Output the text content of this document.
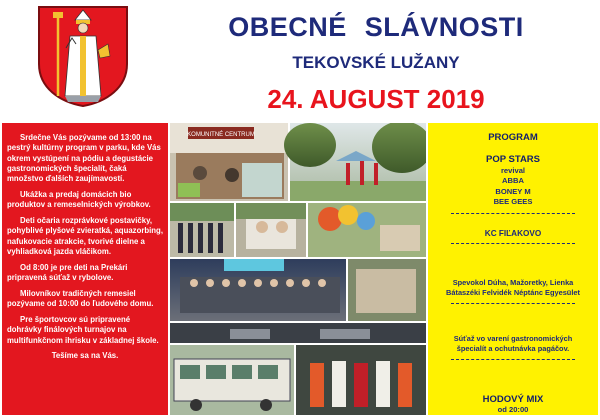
OBECNÉ SLÁVNOSTI
TEKOVSKÉ LUŽANY
24. AUGUST 2019

Srdečne Vás pozývame od 13:00 na pestrý kultúrny program v parku, kde Vás okrem vystúpení na pódiu a degustácie gastronomických špecialít, čaká množstvo ďalších zaujímavostí.

Ukážka a predaj domácich bio produktov a remeselnických výrobkov.

Deti očaria rozprávkové postavičky, pohyblivé plyšové zvieratká, aquazorbing, nafukovacie atrakcie, tvorivé dielne a vyhliadková jazda vláčikom.

Od 8:00 je pre deti na Prekári pripravená súťaž v rybolove.

Milovníkov tradičných remesiel pozývame od 10:00 do ľudového domu.

Pre športovcov sú pripravené dohrávky finálových turnajov na multifunkčnom ihrisku v základnej škole.

Tešíme sa na Vás.

KOMUNITNÉ CENTRUM	PROGRAM
POP STARS
revival
ABBA
BONEY M
BEE GEES
KC FIĽAKOVO
Spevokol Dúha, Mažoretky, Lienka
Bátaszéki Felvidék Néptánc Egyesület
Súťaž vo varení gastronomických
špecialít a ochutnávka pagáčov.
HODOVÝ MIX
od 20:00
